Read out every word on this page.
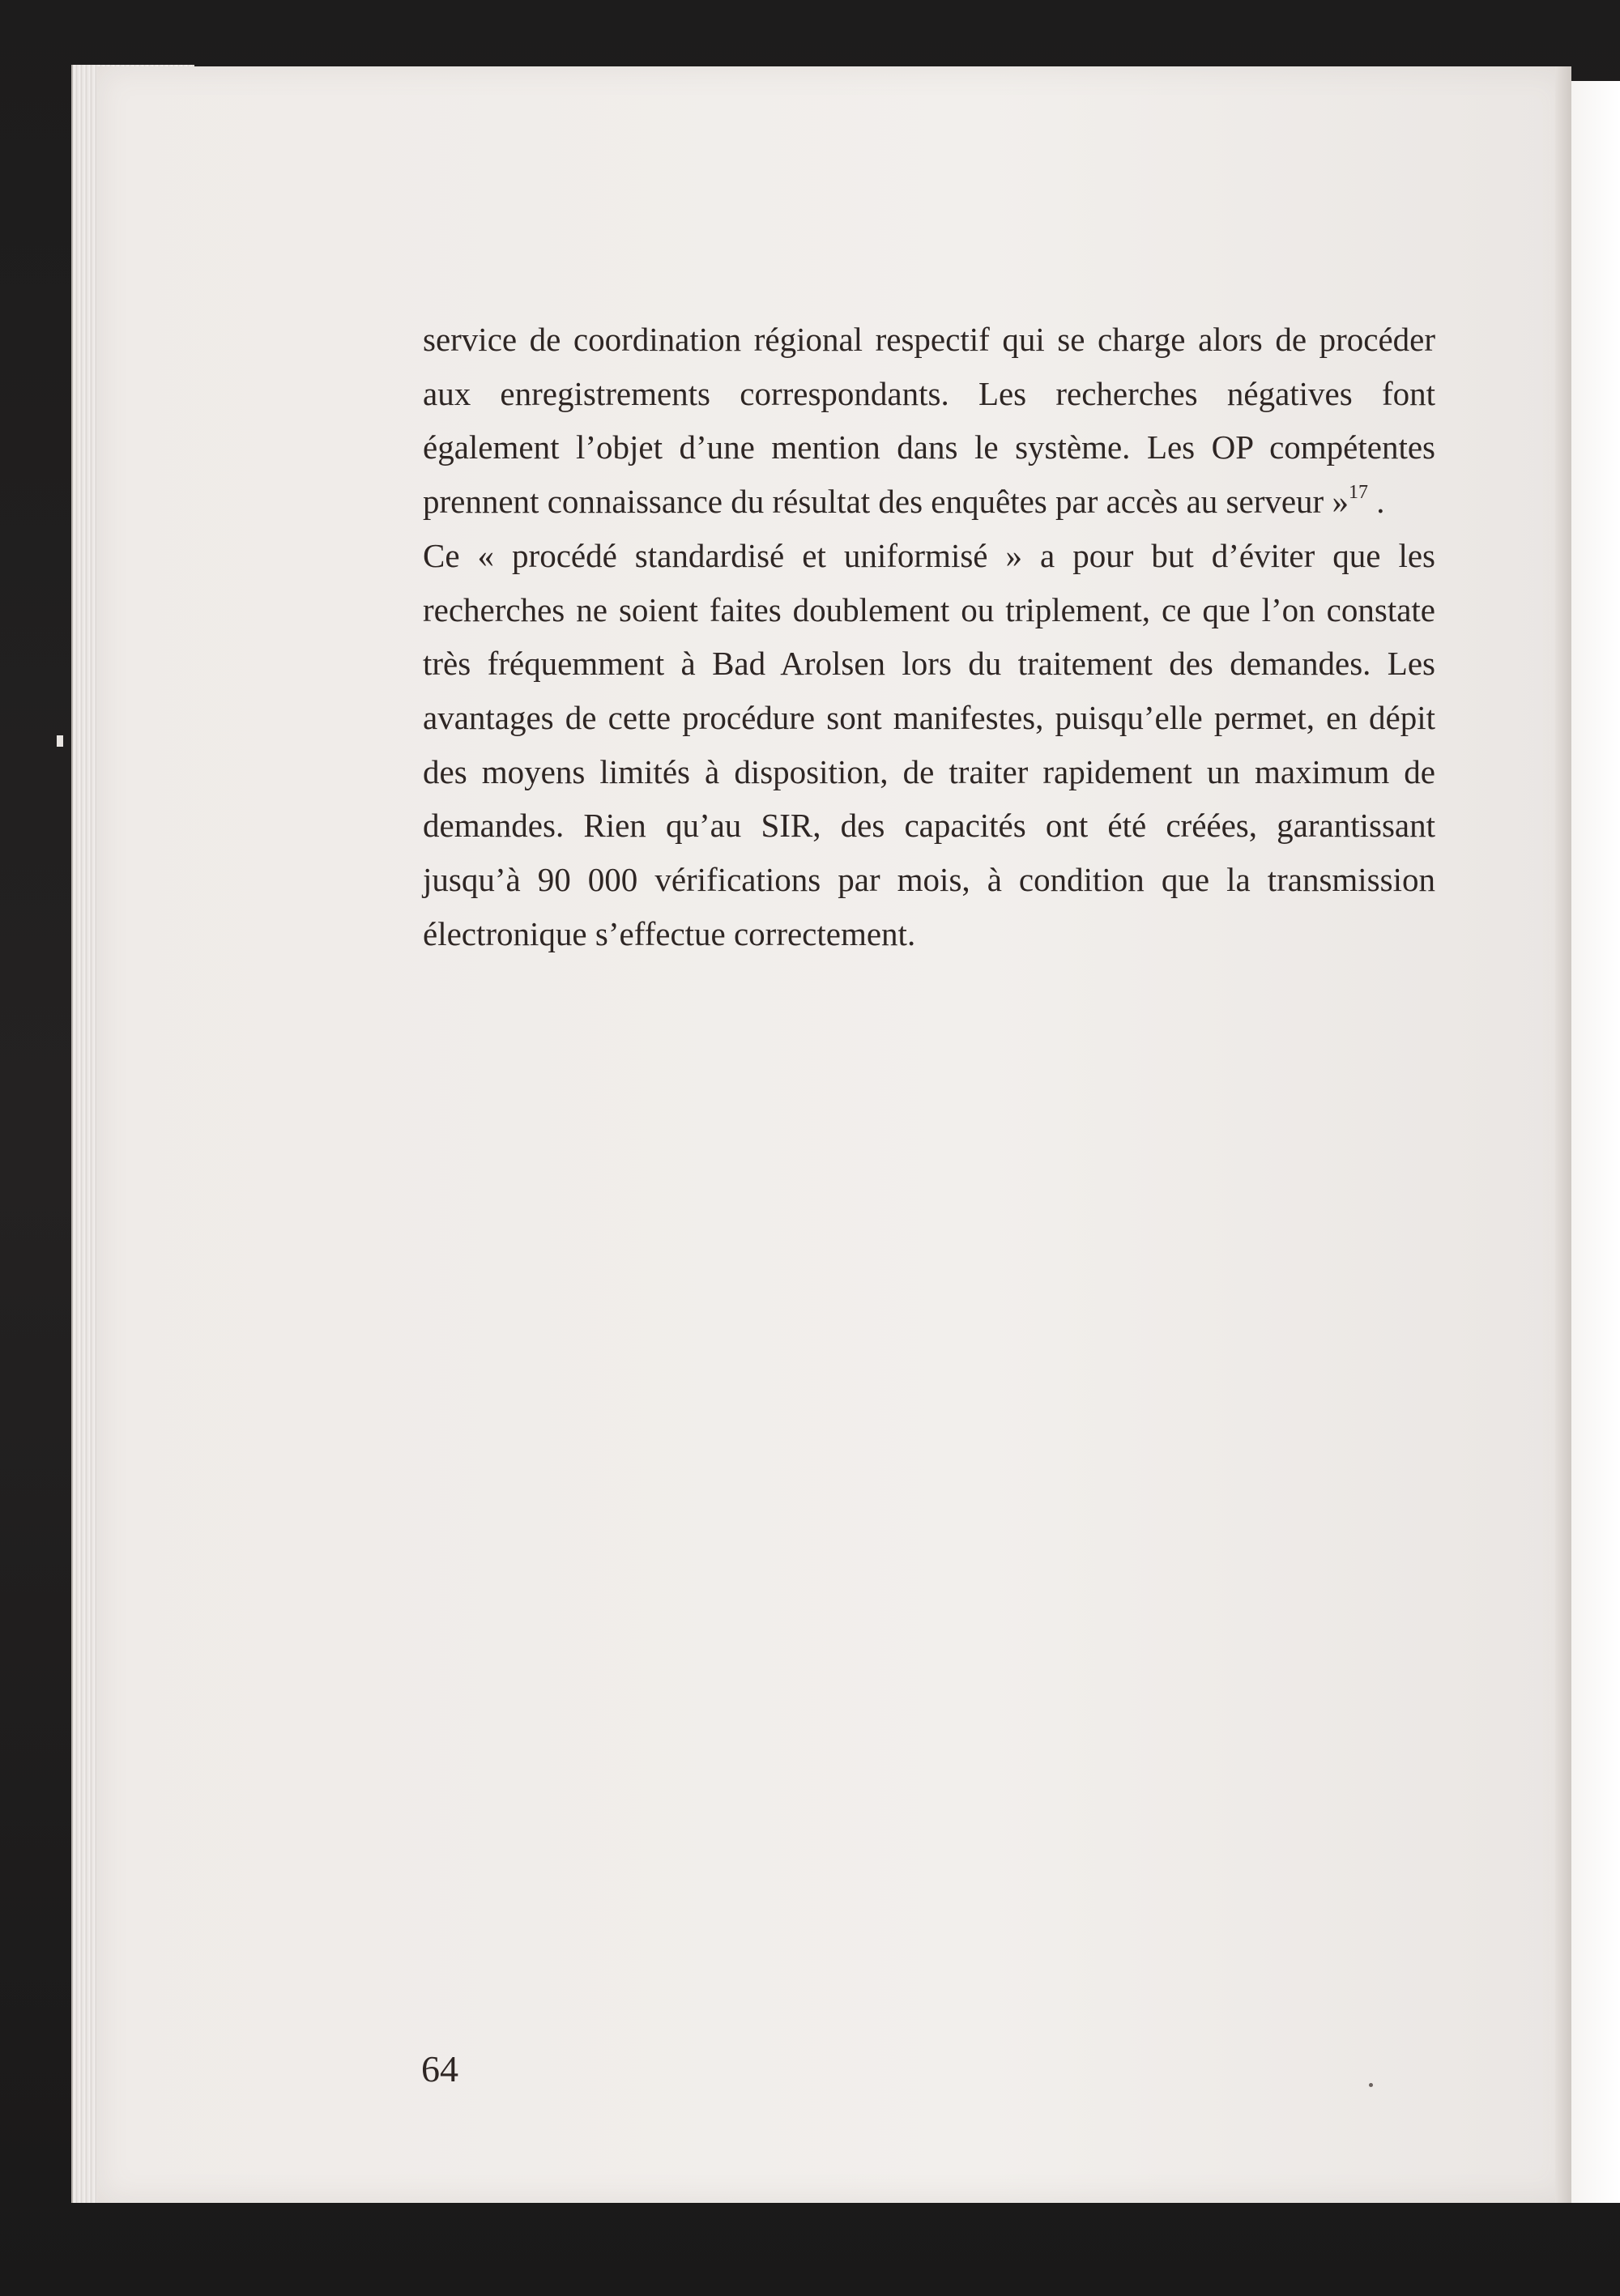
service de coordination régional respectif qui se charge alors de procéder aux enregistrements correspondants. Les recherches négatives font également l’objet d’une mention dans le système. Les OP compétentes prennent connaissance du résultat des enquêtes par accès au serveur »$^{17}$ .

Ce « procédé standardisé et uniformisé » a pour but d’éviter que les recherches ne soient faites doublement ou triplement, ce que l’on constate très fréquemment à Bad Arolsen lors du traitement des demandes. Les avantages de cette procédure sont manifestes, puisqu’elle permet, en dépit des moyens limités à disposition, de traiter rapidement un maximum de demandes. Rien qu’au SIR, des capacités ont été créées, garantissant jusqu’à 90 000 vérifications par mois, à condition que la transmission électronique s’effectue correctement.

64
